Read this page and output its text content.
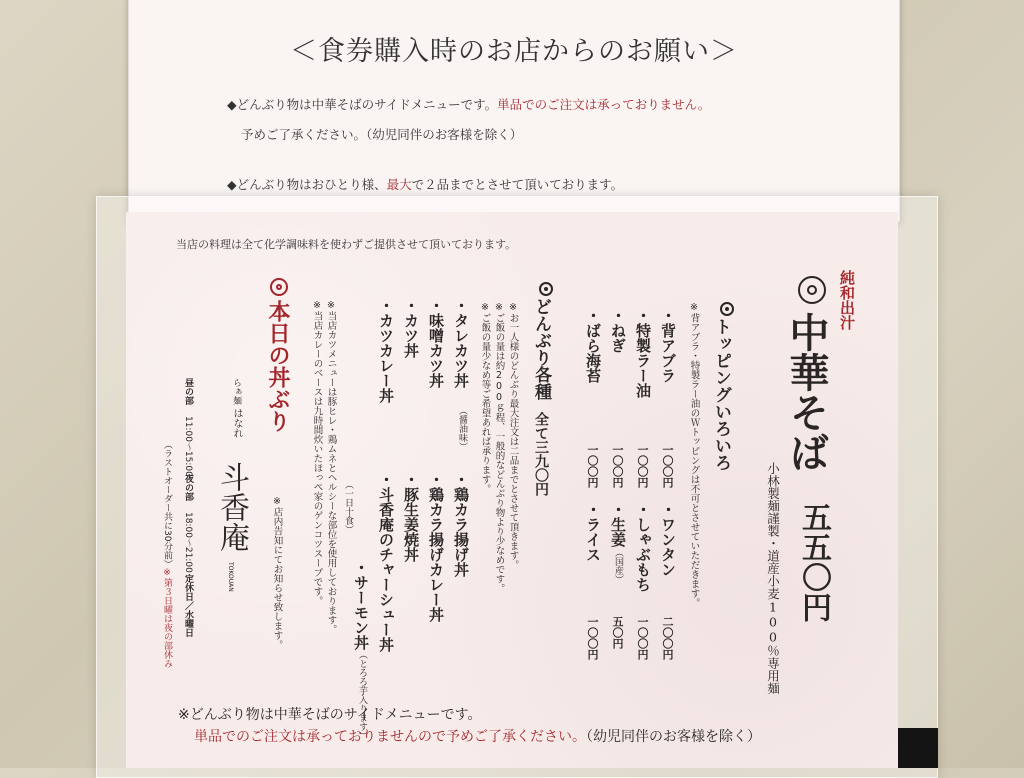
＜食券購入時のお店からのお願い＞
◆どんぶり物は中華そばのサイドメニューです。単品でのご注文は承っておりません。
予めご了承ください。（幼児同伴のお客様を除く）
◆どんぶり物はおひとり様、最大で２品までとさせて頂いております。
当店の料理は全て化学調味料を使わずご提供させて頂いております。
純和出汁
中華そば
小林製麺謹製・道産小麦100％専用麺 五五〇円
トッピングいろいろ
※背アブラ・特製ラー油のＷトッピングは不可とさせていただきます。
・背アブラ
一〇〇円
・特製ラー油
一〇〇円
・ねぎ
一〇〇円
・ばら海苔
一〇〇円
・ワンタン
二〇〇円
・しゃぶもち
一〇〇円
・生姜
（国産）
五〇円
・ライス
一〇〇円
どんぶり各種
全て三九〇円
※お一人様のどんぶり最大注文は二品までとさせて頂きます。
※ご飯の量は約200ｇ程、一般的などんぶり物より少なめです。
※ご飯の量少なめ等ご希望あれば承ります。
・タレカツ丼
（醤油味）
・味噌カツ丼
・カツ丼
・カツカレー丼
・鶏カラ揚げ丼
・鶏カラ揚げカレー丼
・豚生姜焼丼
・斗香庵のチャーシュー丼
（一日十食）
・サーモン丼
（とろろ芋入ります）
※当店カツメニューは豚ヒレ・鶏ムネとヘルシーな部位を使用しております。
※当店カレーのベースは九時間炊いたほっぺ家のゲンコツスープです。
本日の丼ぶり
※店内告知にてお知らせ致します。
らぁ麺
はなれ
斗香庵
TOKOUAN
昼の部
11:00〜15:00
夜の部
18:00〜21:00
定休日／水曜日
（ラストオーダー共に30分前）
※第３日曜は夜の部休み
※どんぶり物は中華そばのサイドメニューです。
単品でのご注文は承っておりませんので予めご了承ください。（幼児同伴のお客様を除く）
